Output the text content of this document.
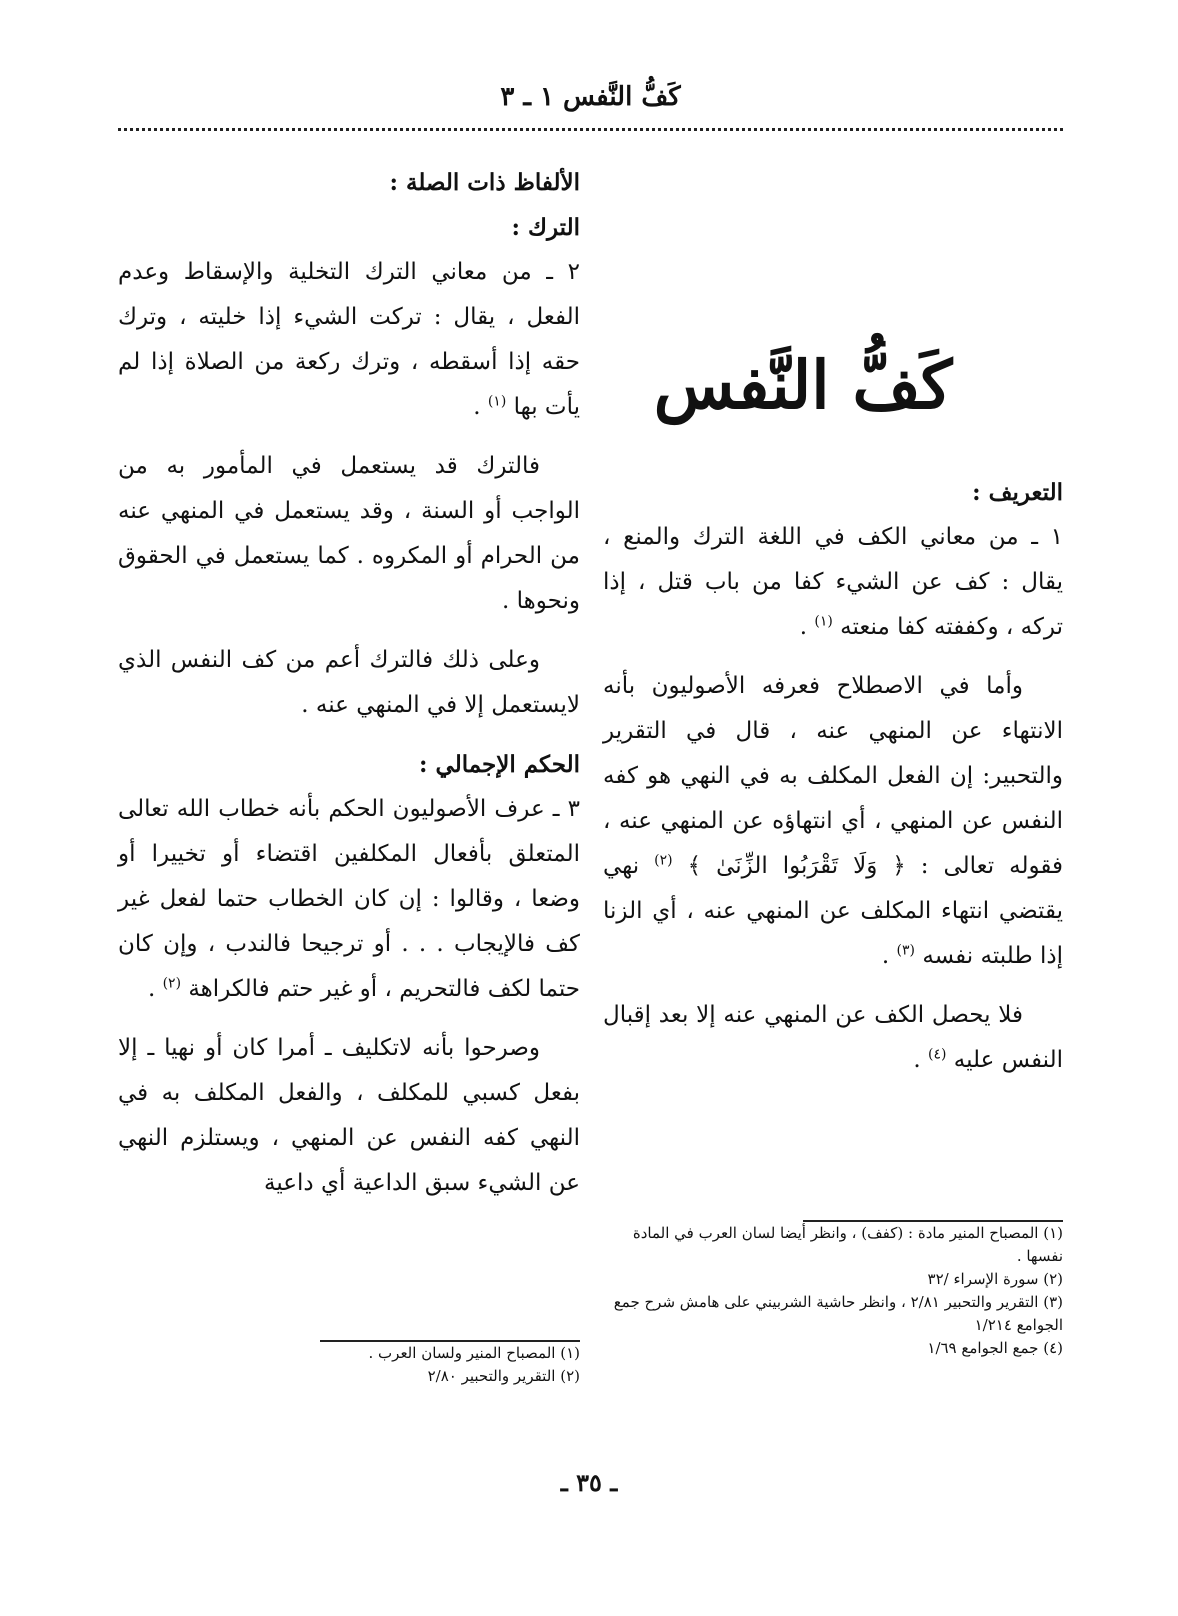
كَفُّ النَّفس ١ ـ ٣
كَفُّ النَّفس
التعريف :

١ ـ من معاني الكف في اللغة الترك والمنع ، يقال : كف عن الشيء كفا من باب قتل ، إذا تركه ، وكففته كفا منعته $^{(١)}$ .

وأما في الاصطلاح فعرفه الأصوليون بأنه الانتهاء عن المنهي عنه ، قال في التقرير والتحبير: إن الفعل المكلف به في النهي هو كفه النفس عن المنهي ، أي انتهاؤه عن المنهي عنه ، فقوله تعالى : ﴿ وَلَا تَقْرَبُوا الزِّنَىٰ ﴾ $^{(٢)}$ نهي يقتضي انتهاء المكلف عن المنهي عنه ، أي الزنا إذا طلبته نفسه $^{(٣)}$ .

فلا يحصل الكف عن المنهي عنه إلا بعد إقبال النفس عليه $^{(٤)}$ .

(١) المصباح المنير مادة : (كفف) ، وانظر أيضا لسان العرب في المادة نفسها .

(٢) سورة الإسراء /٣٢

(٣) التقرير والتحبير ٢/٨١ ، وانظر حاشية الشربيني على هامش شرح جمع الجوامع ١/٢١٤

(٤) جمع الجوامع ١/٦٩

الألفاظ ذات الصلة :
الترك :

٢ ـ من معاني الترك التخلية والإسقاط وعدم الفعل ، يقال : تركت الشيء إذا خليته ، وترك حقه إذا أسقطه ، وترك ركعة من الصلاة إذا لم يأت بها $^{(١)}$ .

فالترك قد يستعمل في المأمور به من الواجب أو السنة ، وقد يستعمل في المنهي عنه من الحرام أو المكروه . كما يستعمل في الحقوق ونحوها .

وعلى ذلك فالترك أعم من كف النفس الذي لايستعمل إلا في المنهي عنه .

الحكم الإجمالي :

٣ ـ عرف الأصوليون الحكم بأنه خطاب الله تعالى المتعلق بأفعال المكلفين اقتضاء أو تخييرا أو وضعا ، وقالوا : إن كان الخطاب حتما لفعل غير كف فالإيجاب . . . أو ترجيحا فالندب ، وإن كان حتما لكف فالتحريم ، أو غير حتم فالكراهة $^{(٢)}$ .

وصرحوا بأنه لاتكليف ـ أمرا كان أو نهيا ـ إلا بفعل كسبي للمكلف ، والفعل المكلف به في النهي كفه النفس عن المنهي ، ويستلزم النهي عن الشيء سبق الداعية أي داعية

(١) المصباح المنير ولسان العرب .

(٢) التقرير والتحبير ٢/٨٠

ـ ٣٥ ـ
